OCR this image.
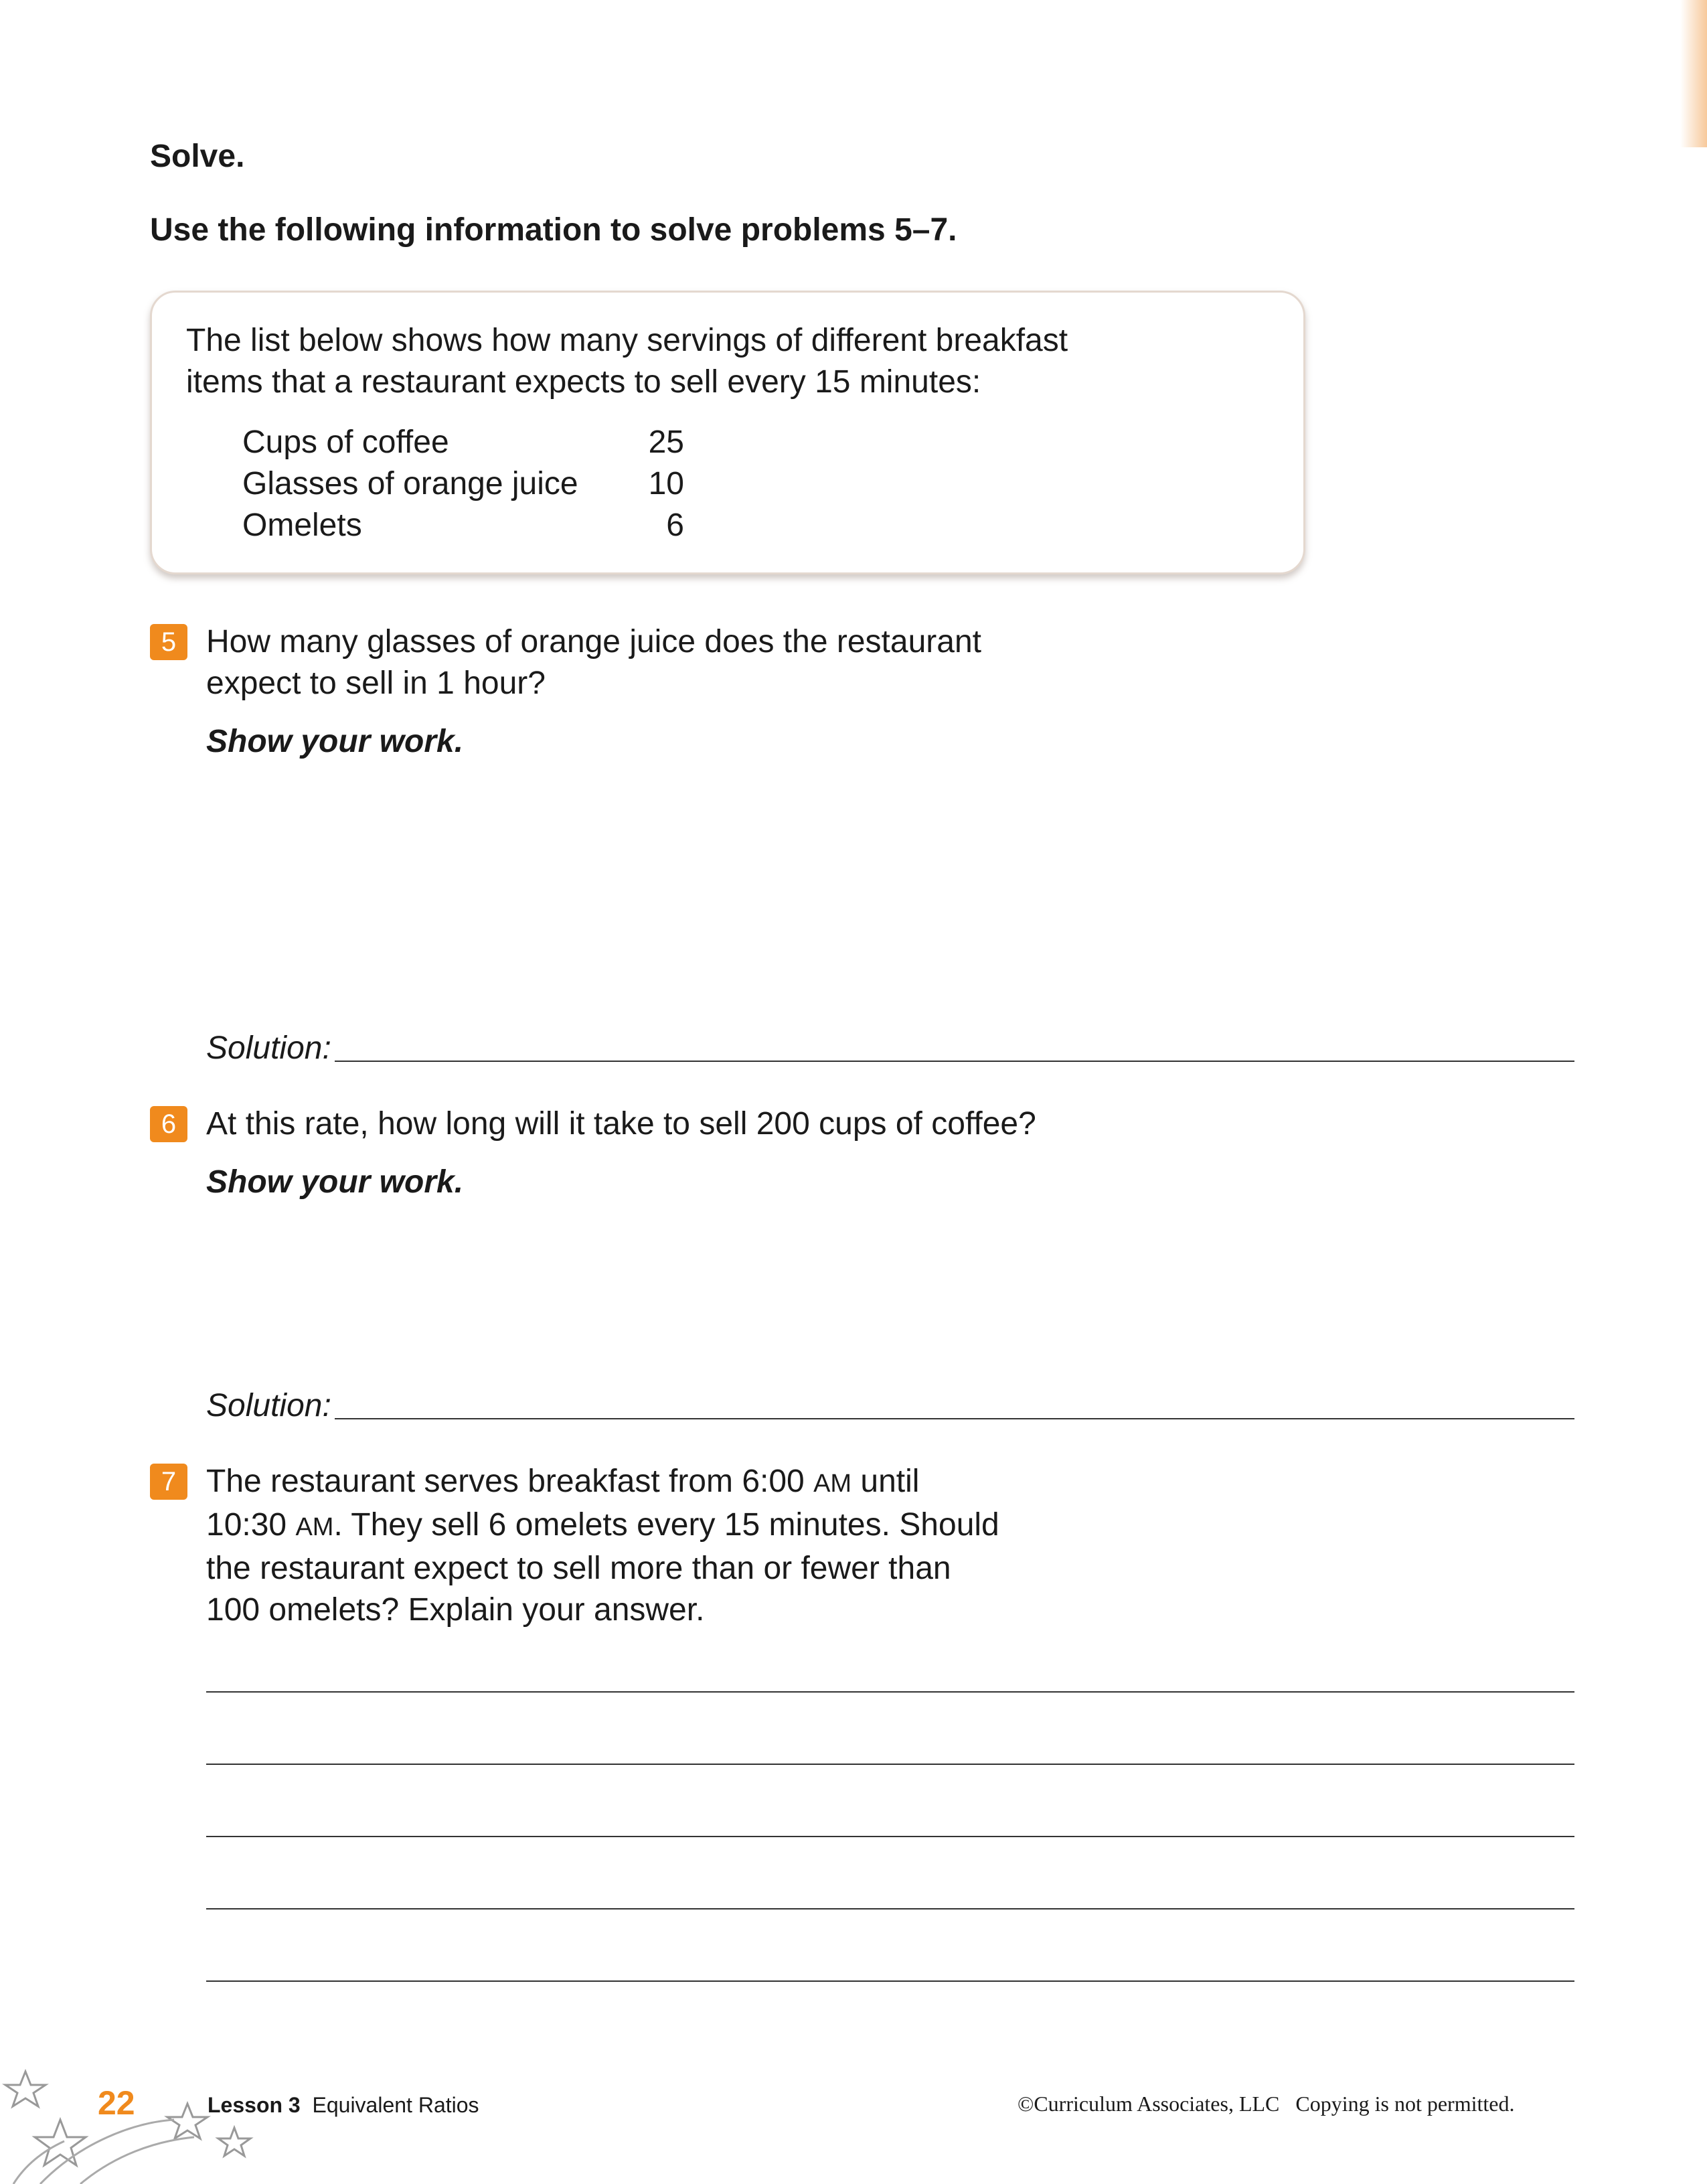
Solve.
Use the following information to solve problems 5–7.
The list below shows how many servings of different breakfast
items that a restaurant expects to sell every 15 minutes:
Cups of coffee	25
Glasses of orange juice	10
Omelets	6
5 How many glasses of orange juice does the restaurant
expect to sell in 1 hour?
Show your work.
Solution:
6 At this rate, how long will it take to sell 200 cups of coffee?
Show your work.
Solution:
7 The restaurant serves breakfast from 6:00 AM until
10:30 AM. They sell 6 omelets every 15 minutes. Should
the restaurant expect to sell more than or fewer than
100 omelets? Explain your answer.
22	Lesson 3 Equivalent Ratios	©Curriculum Associates, LLC Copying is not permitted.
